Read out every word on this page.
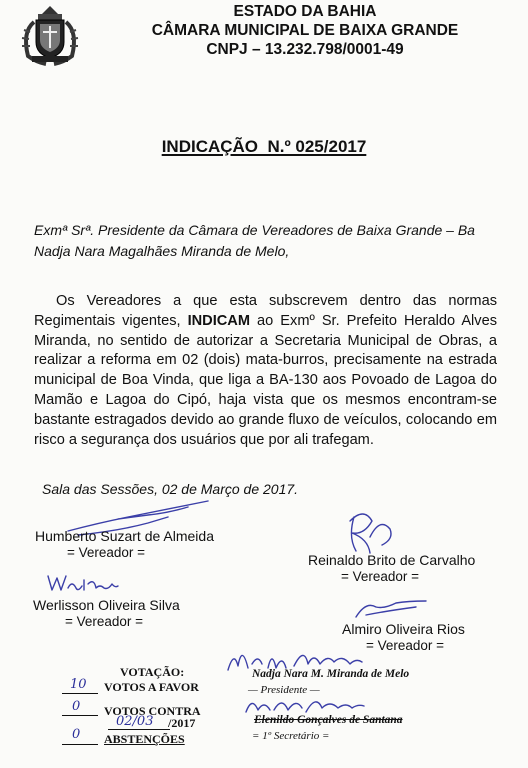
ESTADO DA BAHIA
CÂMARA MUNICIPAL DE BAIXA GRANDE
CNPJ – 13.232.798/0001-49
INDICAÇÃO  N.º 025/2017
Exmª Srª. Presidente da Câmara de Vereadores de Baixa Grande – Ba
Nadja Nara Magalhães Miranda de Melo,
Os Vereadores a que esta subscrevem dentro das normas Regimentais vigentes, INDICAM ao Exmº Sr. Prefeito Heraldo Alves Miranda, no sentido de autorizar a Secretaria Municipal de Obras, a realizar a reforma em 02 (dois) mata-burros, precisamente na estrada municipal de Boa Vinda, que liga a BA-130 aos Povoado de Lagoa do Mamão e Lagoa do Cipó, haja vista que os mesmos encontram-se bastante estragados devido ao grande fluxo de veículos, colocando em risco a segurança dos usuários que por ali trafegam.
Sala das Sessões, 02 de Março de 2017.
Humberto Suzart de Almeida
= Vereador =	Reinaldo Brito de Carvalho
= Vereador =
Werlisson Oliveira Silva
= Vereador =	Almiro Oliveira Rios
= Vereador =
VOTAÇÃO:
10 VOTOS A FAVOR
0 VOTOS CONTRA
02/03 /2017
0 ABSTENÇÕES
Nadja Nara M. Miranda de Melo
— Presidente —
Elenildo Gonçalves de Santana
= 1º Secretário =
